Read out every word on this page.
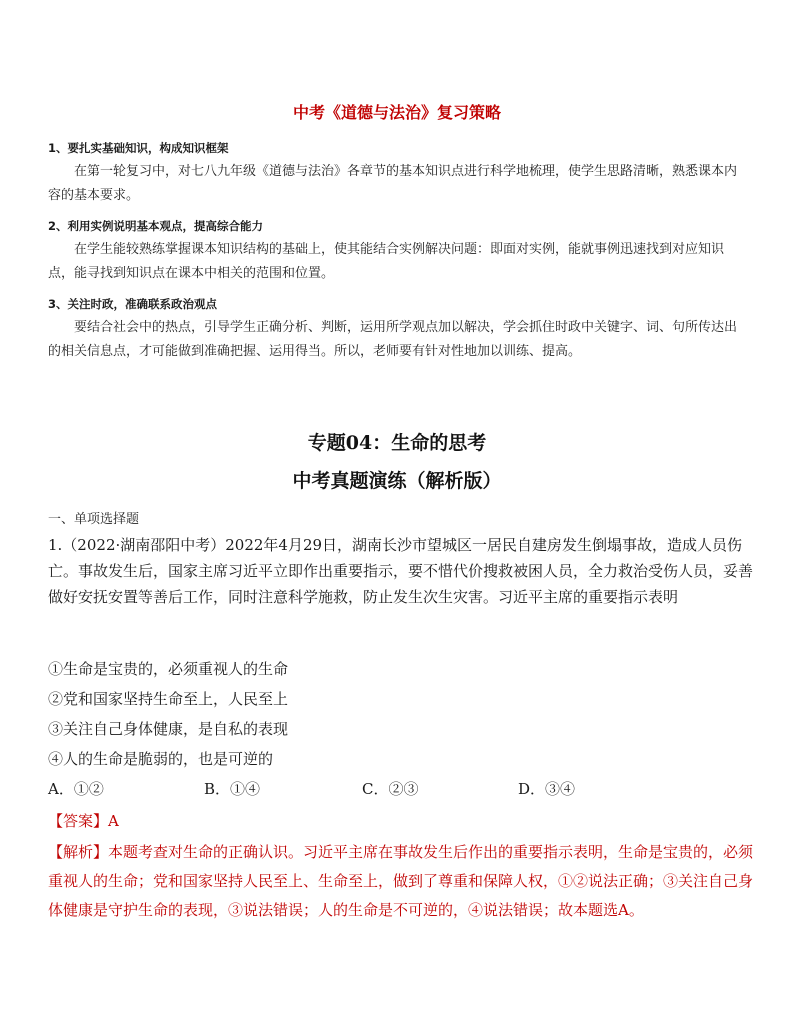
中考《道德与法治》复习策略
1、要扎实基础知识，构成知识框架
在第一轮复习中，对七八九年级《道德与法治》各章节的基本知识点进行科学地梳理，使学生思路清晰，熟悉课本内容的基本要求。
2、利用实例说明基本观点，提高综合能力
在学生能较熟练掌握课本知识结构的基础上，使其能结合实例解决问题：即面对实例，能就事例迅速找到对应知识点，能寻找到知识点在课本中相关的范围和位置。
3、关注时政，准确联系政治观点
要结合社会中的热点，引导学生正确分析、判断，运用所学观点加以解决，学会抓住时政中关键字、词、句所传达出的相关信息点，才可能做到准确把握、运用得当。所以，老师要有针对性地加以训练、提高。
专题04：生命的思考
中考真题演练（解析版）
一、单项选择题
1.（2022·湖南邵阳中考）2022年4月29日，湖南长沙市望城区一居民自建房发生倒塌事故，造成人员伤亡。事故发生后，国家主席习近平立即作出重要指示，要不惜代价搜救被困人员，全力救治受伤人员，妥善做好安抚安置等善后工作，同时注意科学施救，防止发生次生灾害。习近平主席的重要指示表明
①生命是宝贵的，必须重视人的生命
②党和国家坚持生命至上，人民至上
③关注自己身体健康，是自私的表现
④人的生命是脆弱的，也是可逆的
A．①②	B．①④	C．②③	D．③④
【答案】A
【解析】本题考查对生命的正确认识。习近平主席在事故发生后作出的重要指示表明，生命是宝贵的，必须重视人的生命；党和国家坚持人民至上、生命至上，做到了尊重和保障人权，①②说法正确；③关注自己身体健康是守护生命的表现，③说法错误；人的生命是不可逆的，④说法错误；故本题选A。
